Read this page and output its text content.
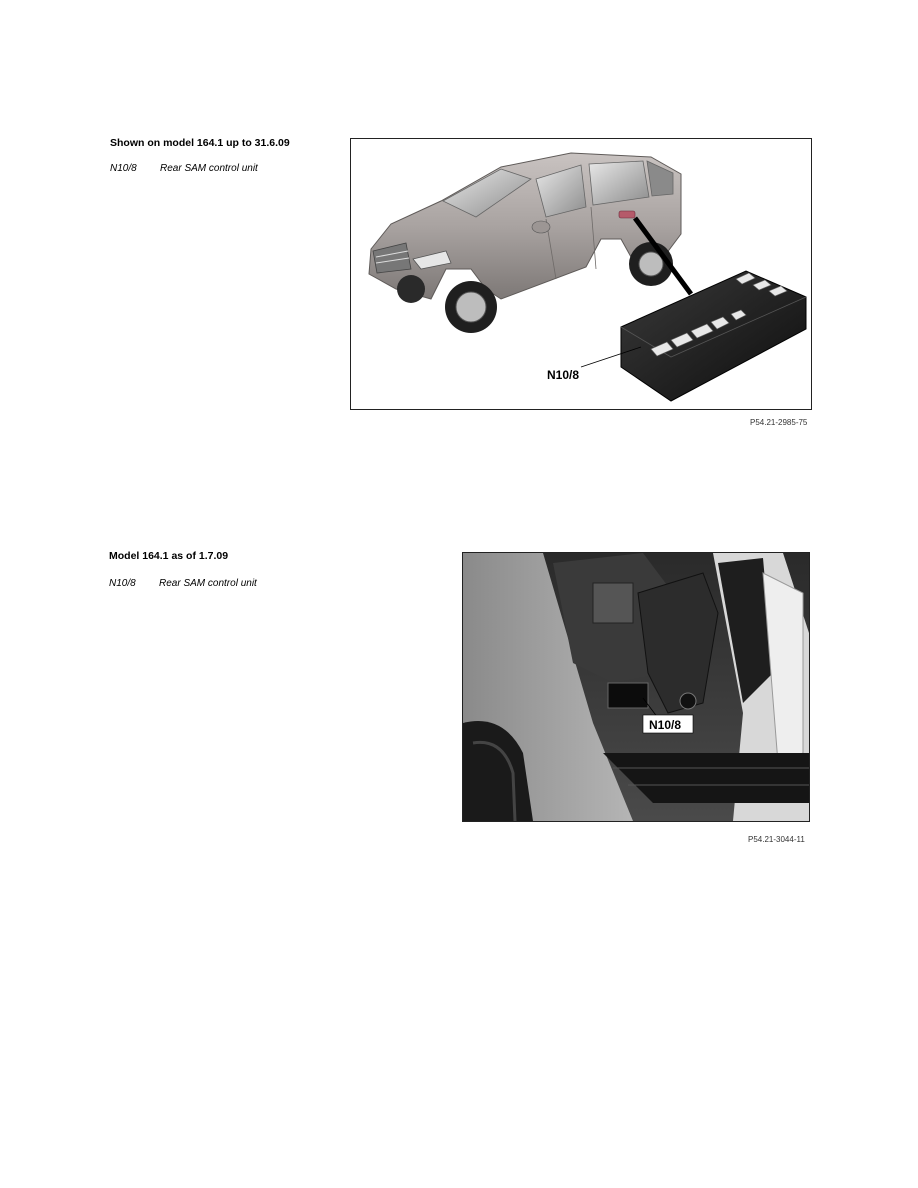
Shown on model 164.1 up to 31.6.09
N10/8	Rear SAM control unit
N10/8
P54.21-2985-75
Model 164.1 as of 1.7.09
N10/8	Rear SAM control unit
N10/8
P54.21-3044-11
